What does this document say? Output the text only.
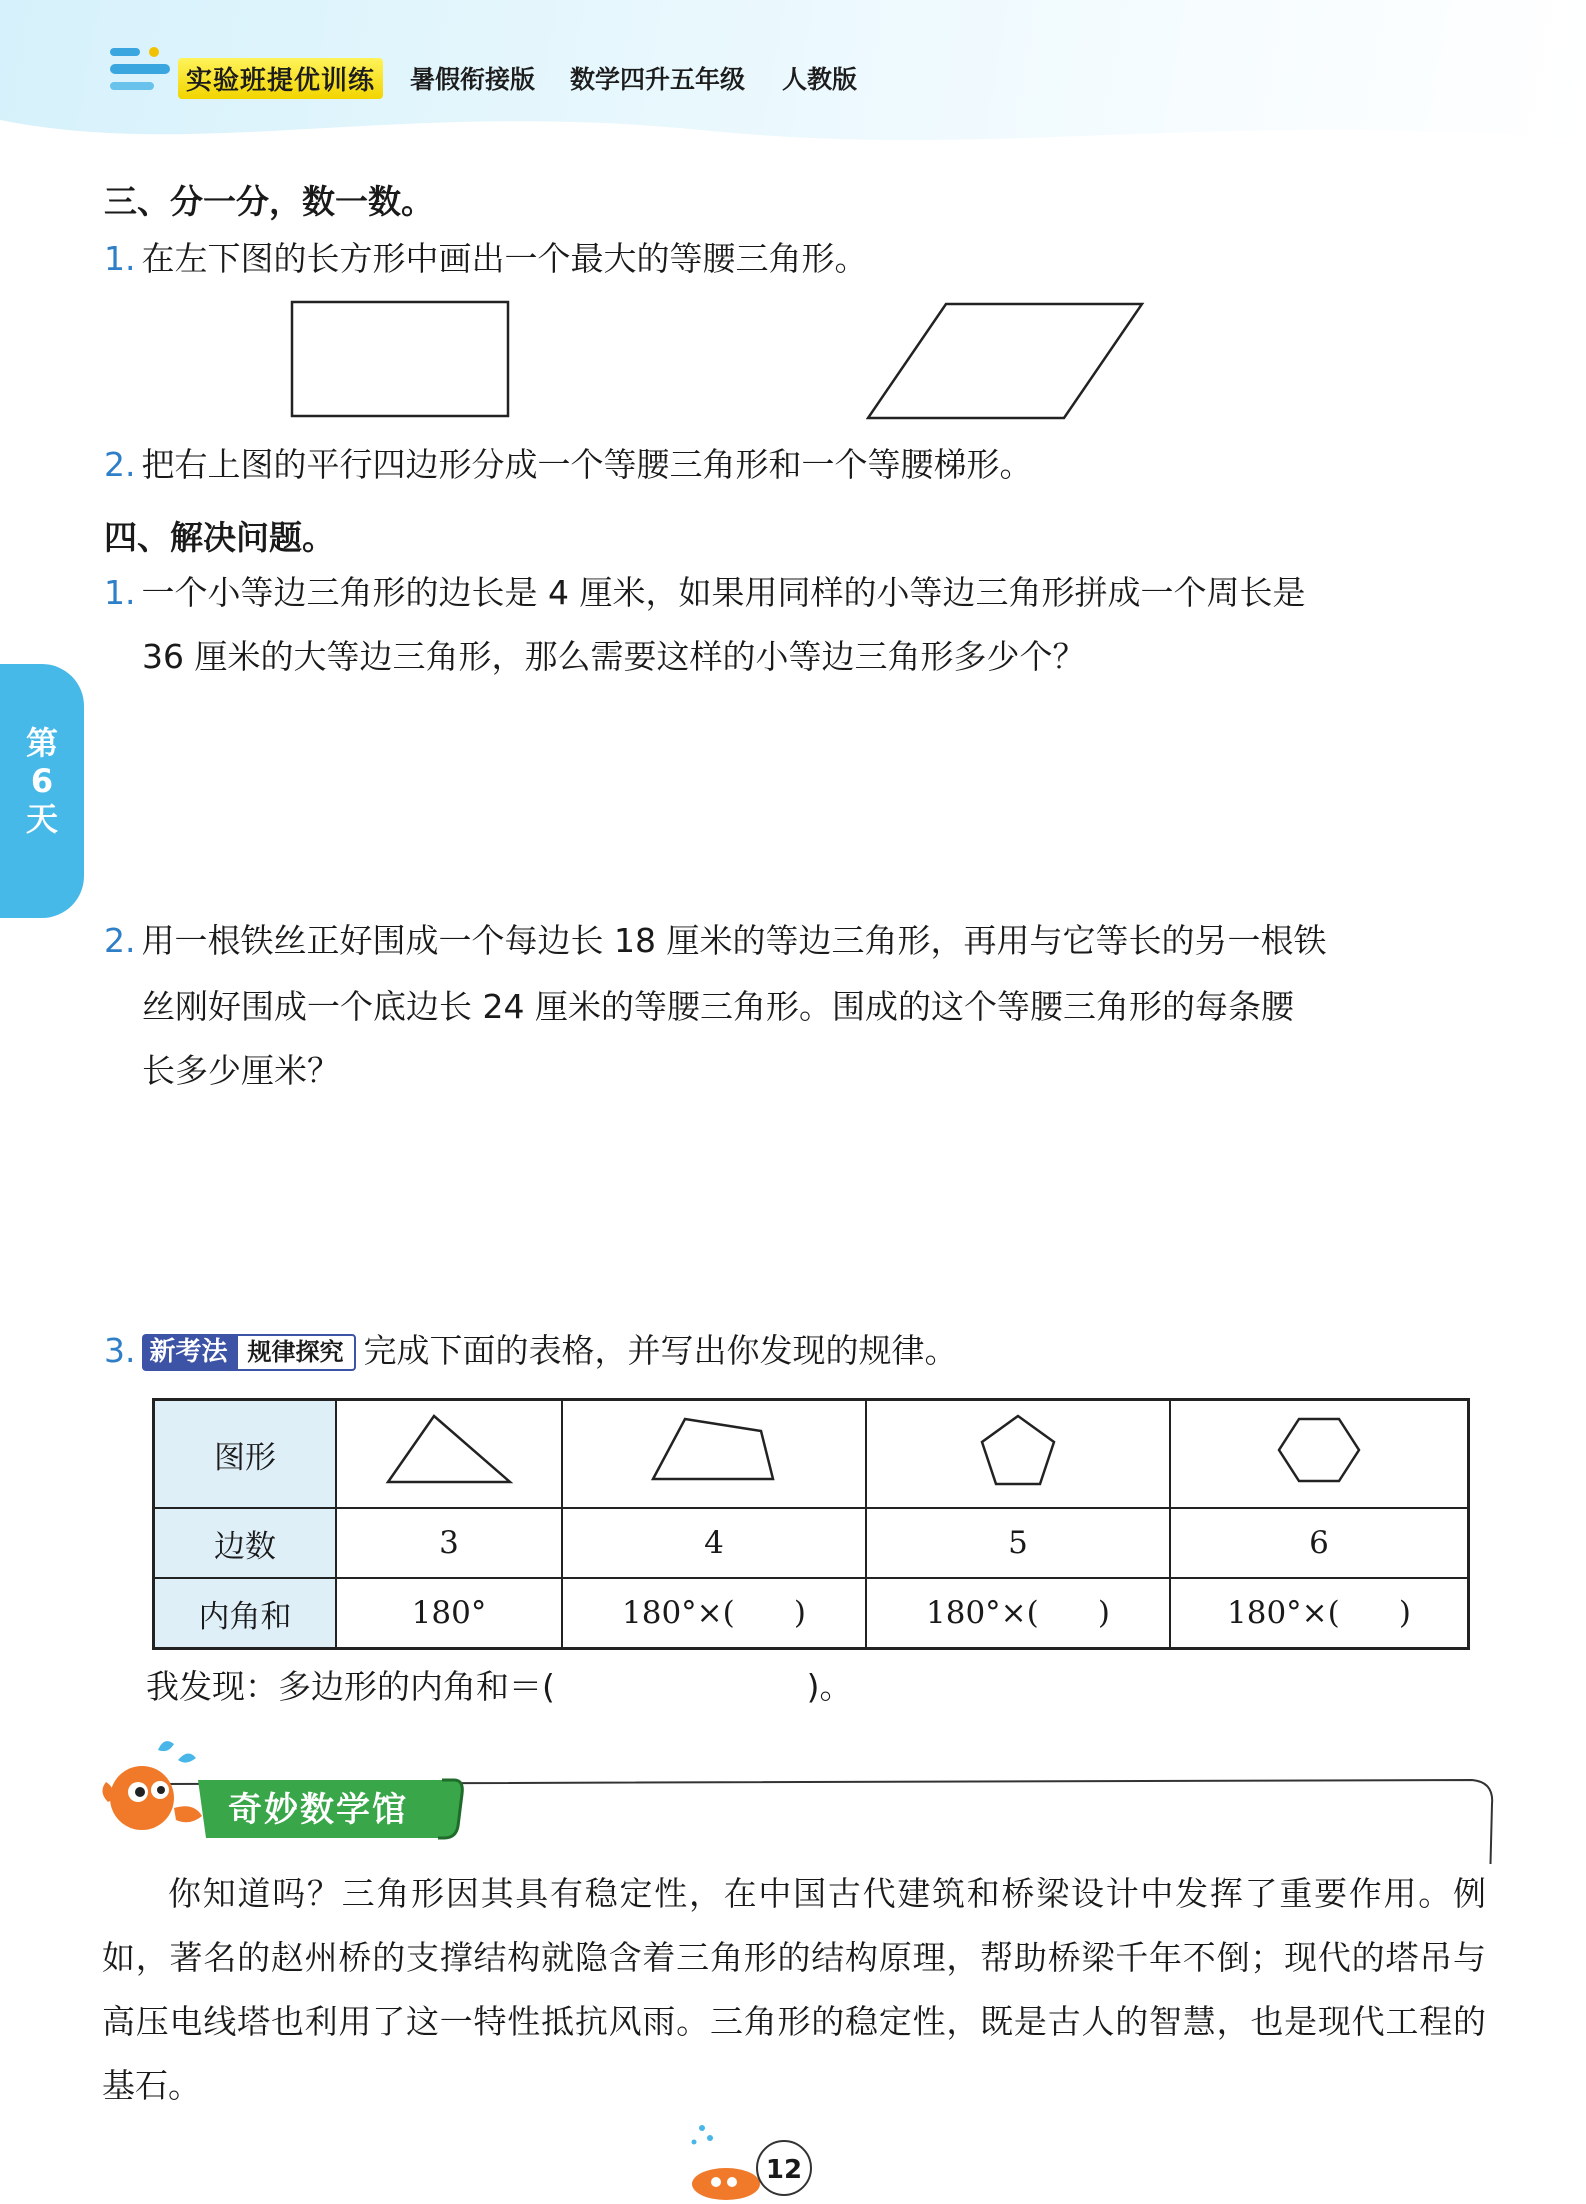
实验班提优训练	暑假衔接版 数学四升五年级 人教版
第
6
天
三、分一分，数一数。
1. 在左下图的长方形中画出一个最大的等腰三角形。
2. 把右上图的平行四边形分成一个等腰三角形和一个等腰梯形。
四、解决问题。
1. 一个小等边三角形的边长是 4 厘米，如果用同样的小等边三角形拼成一个周长是
36 厘米的大等边三角形，那么需要这样的小等边三角形多少个？
2. 用一根铁丝正好围成一个每边长 18 厘米的等边三角形，再用与它等长的另一根铁
丝刚好围成一个底边长 24 厘米的等腰三角形。围成的这个等腰三角形的每条腰
长多少厘米？
3. 新考法 规律探究 完成下面的表格，并写出你发现的规律。
图形				
边数	3	4	5	6
内角和	180°	180°×(      )	180°×(      )	180°×(      )
我发现：多边形的内角和＝(                        )。
奇妙数学馆
你知道吗？三角形因其具有稳定性，在中国古代建筑和桥梁设计中发挥了重要作用。例如，著名的赵州桥的支撑结构就隐含着三角形的结构原理，帮助桥梁千年不倒；现代的塔吊与高压电线塔也利用了这一特性抵抗风雨。三角形的稳定性，既是古人的智慧，也是现代工程的基石。
12
